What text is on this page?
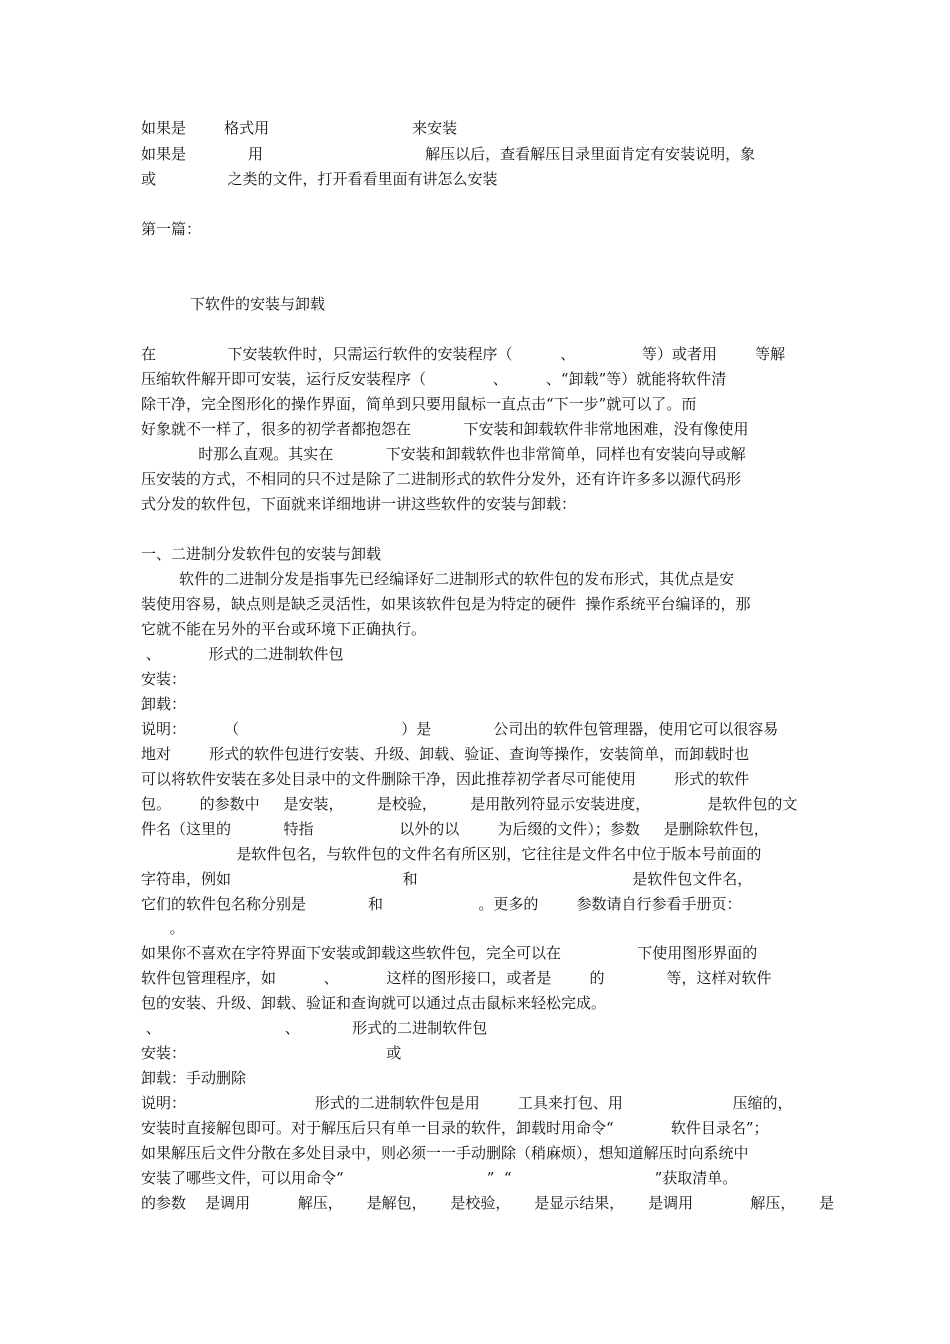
如果是        格式用                              来安装
如果是             用                                  解压以后，查看解压目录里面肯定有安装说明，象
或               之类的文件，打开看看里面有讲怎么安装
第一篇：
下软件的安装与卸载
在               下安装软件时，只需运行软件的安装程序（          、              等）或者用        等解
压缩软件解开即可安装，运行反安装程序（              、        、“卸载”等）就能将软件清
除干净，完全图形化的操作界面，简单到只要用鼠标一直点击“下一步”就可以了。而
好象就不一样了，很多的初学者都抱怨在           下安装和卸载软件非常地困难，没有像使用
时那么直观。其实在           下安装和卸载软件也非常简单，同样也有安装向导或解
压安装的方式，不相同的只不过是除了二进制形式的软件分发外，还有许许多多以源代码形
式分发的软件包，下面就来详细地讲一讲这些软件的安装与卸载：
一、二进制分发软件包的安装与卸载
软件的二进制分发是指事先已经编译好二进制形式的软件包的发布形式，其优点是安
装使用容易，缺点则是缺乏灵活性，如果该软件包是为特定的硬件  操作系统平台编译的，那
它就不能在另外的平台或环境下正确执行。
、          形式的二进制软件包
安装：
卸载：
说明：        （                                  ）是             公司出的软件包管理器，使用它可以很容易
地对        形式的软件包进行安装、升级、卸载、验证、查询等操作，安装简单，而卸载时也
可以将软件安装在多处目录中的文件删除干净，因此推荐初学者尽可能使用        形式的软件
包。      的参数中     是安装，       是校验，       是用散列符显示安装进度，            是软件包的文
件名（这里的           特指                  以外的以        为后缀的文件）；参数     是删除软件包，
是软件包名，与软件包的文件名有所区别，它往往是文件名中位于版本号前面的
字符串，例如                                    和                                             是软件包文件名，
它们的软件包名称分别是             和                    。更多的        参数请自行参看手册页：
。
如果你不喜欢在字符界面下安装或卸载这些软件包，完全可以在                下使用图形界面的
软件包管理程序，如          、          这样的图形接口，或者是        的             等，这样对软件
包的安装、升级、卸载、验证和查询就可以通过点击鼠标来轻松完成。
、                          、           形式的二进制软件包
安装：                                          或
卸载：手动删除
说明：                           形式的二进制软件包是用        工具来打包、用                       压缩的，
安装时直接解包即可。对于解压后只有单一目录的软件，卸载时用命令“            软件目录名”；
如果解压后文件分散在多处目录中，则必须一一手动删除（稍麻烦），想知道解压时向系统中
安装了哪些文件，可以用命令“                              ”  “                              ”获取清单。
的参数    是调用          解压，     是解包，     是校验，     是显示结果，     是调用            解压，     是
